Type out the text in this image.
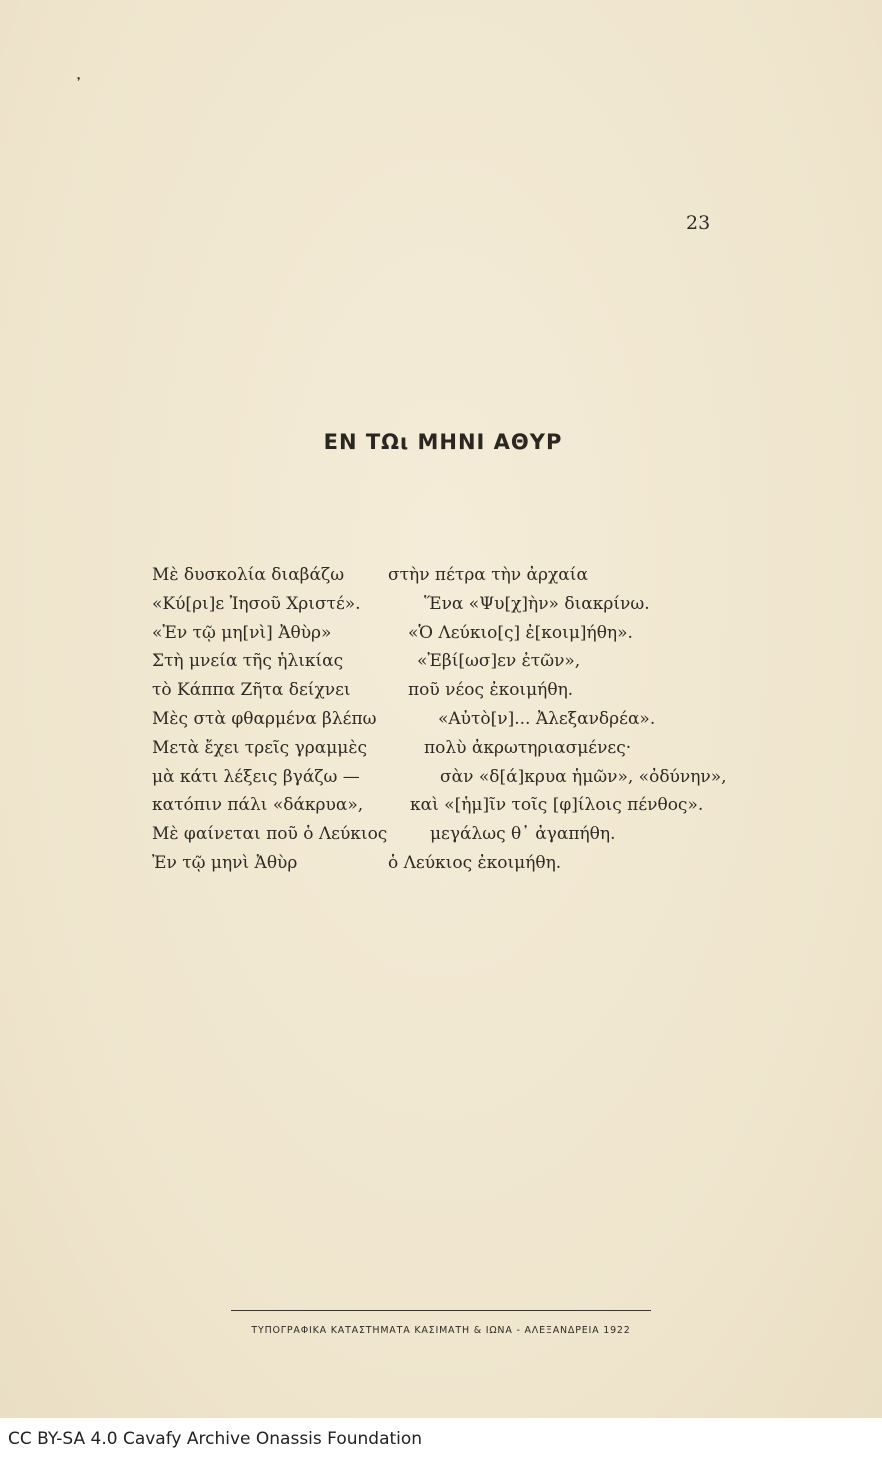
᾿
23
ΕΝ ΤΩι ΜΗΝΙ ΑΘΥΡ
Μὲ δυσκολία διαβάζω	στὴν πέτρα τὴν ἀρχαία
«Κύ[ρι]ε Ἰησοῦ Χριστέ».	Ἕνα «Ψυ[χ]ὴν» διακρίνω.
«Ἐν τῷ μη[νὶ] Ἀθὺρ»	«Ὁ Λεύκιο[ς] ἐ[κοιμ]ήθη».
Στὴ μνεία τῆς ἡλικίας	«Ἐβί[ωσ]εν ἐτῶν»,
τὸ Κάππα Ζῆτα δείχνει	ποῦ νέος ἐκοιμήθη.
Μὲς στὰ φθαρμένα βλέπω	«Αὐτὸ[ν]... Ἀλεξανδρέα».
Μετὰ ἔχει τρεῖς γραμμὲς	πολὺ ἀκρωτηριασμένες·
μὰ κάτι λέξεις βγάζω —	σὰν «δ[ά]κρυα ἡμῶν», «ὀδύνην»,
κατόπιν πάλι «δάκρυα»,	καὶ «[ἡμ]ῖν τοῖς [φ]ίλοις πένθος».
Μὲ φαίνεται ποῦ ὁ Λεύκιος	μεγάλως θ᾿ ἀγαπήθη.
Ἐν τῷ μηνὶ Ἀθὺρ	ὁ Λεύκιος ἐκοιμήθη.
ΤΥΠΟΓΡΑΦΙΚΑ ΚΑΤΑΣΤΗΜΑΤΑ ΚΑΣΙΜΑΤΗ & ΙΩΝΑ - ΑΛΕΞΑΝΔΡΕΙΑ 1922
CC BY-SA 4.0 Cavafy Archive Onassis Foundation
